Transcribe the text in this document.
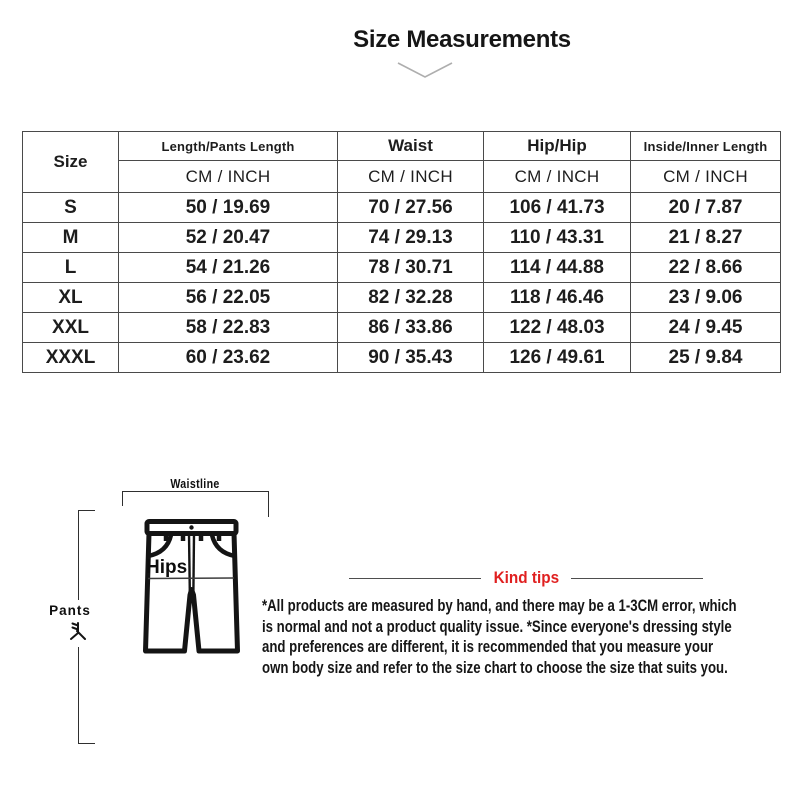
Size Measurements
Size	Length/Pants Length	Waist	Hip/Hip	Inside/Inner Length
	CM / INCH	CM / INCH	CM / INCH	CM / INCH
S	50 / 19.69	70 / 27.56	106 / 41.73	20 / 7.87
M	52 / 20.47	74 / 29.13	110 / 43.31	21 / 8.27
L	54 / 21.26	78 / 30.71	114 / 44.88	22 / 8.66
XL	56 / 22.05	82 / 32.28	118 / 46.46	23 / 9.06
XXL	58 / 22.83	86 / 33.86	122 / 48.03	24 / 9.45
XXXL	60 / 23.62	90 / 35.43	126 / 49.61	25 / 9.84
Waistline
Pants
Hips	Kind tips
*All products are measured by hand, and there may be a 1-3CM error, which
is normal and not a product quality issue. *Since everyone's dressing style
and preferences are different, it is recommended that you measure your
own body size and refer to the size chart to choose the size that suits you.
